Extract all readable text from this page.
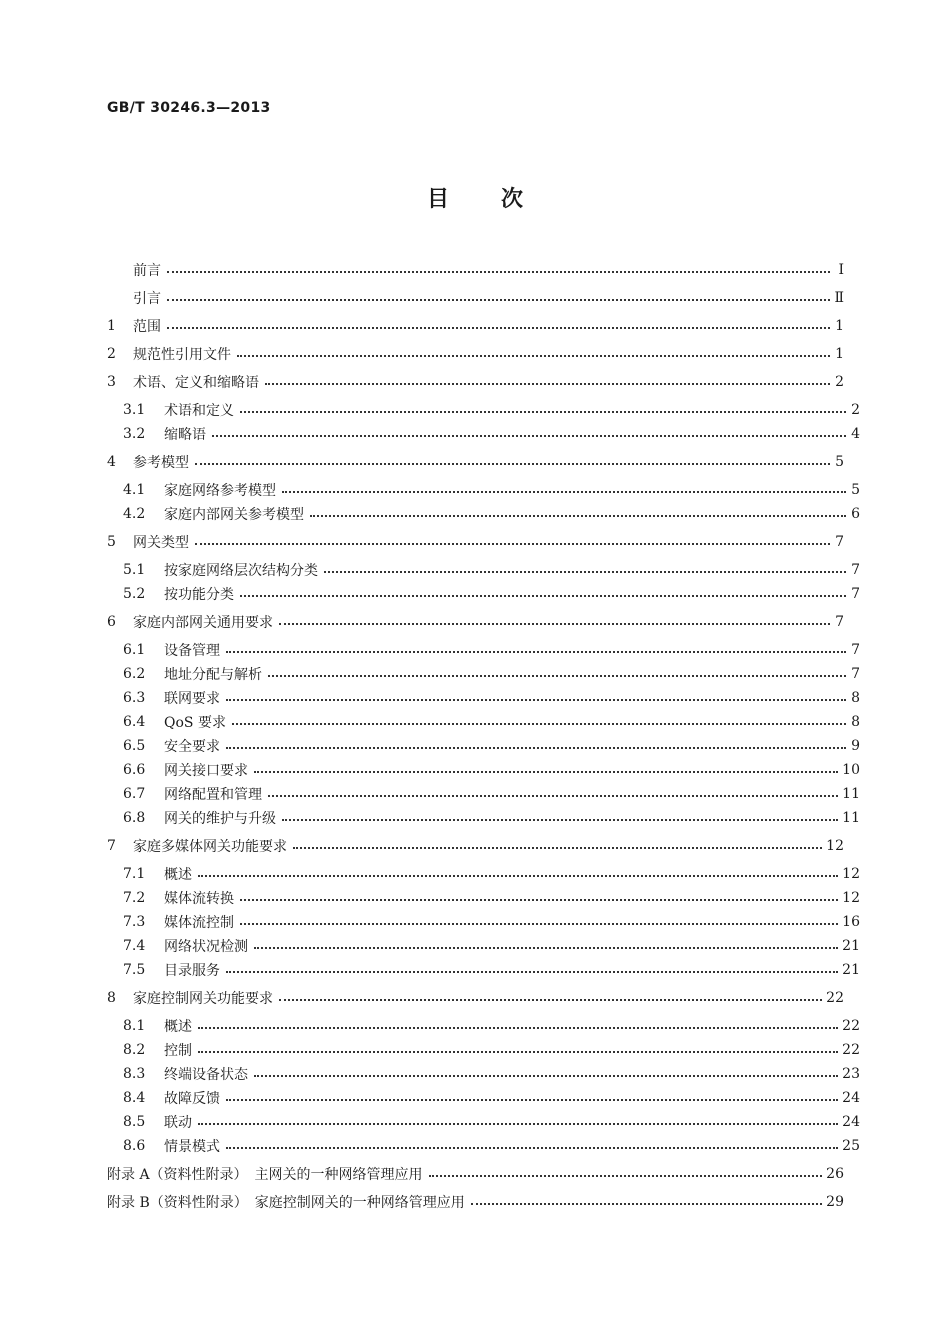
GB/T 30246.3—2013
目 次
前言	Ⅰ
引言	Ⅱ
1	范围	1
2	规范性引用文件	1
3	术语、定义和缩略语	2
3.1	术语和定义	2
3.2	缩略语	4
4	参考模型	5
4.1	家庭网络参考模型	5
4.2	家庭内部网关参考模型	6
5	网关类型	7
5.1	按家庭网络层次结构分类	7
5.2	按功能分类	7
6	家庭内部网关通用要求	7
6.1	设备管理	7
6.2	地址分配与解析	7
6.3	联网要求	8
6.4	QoS 要求	8
6.5	安全要求	9
6.6	网关接口要求	10
6.7	网络配置和管理	11
6.8	网关的维护与升级	11
7	家庭多媒体网关功能要求	12
7.1	概述	12
7.2	媒体流转换	12
7.3	媒体流控制	16
7.4	网络状况检测	21
7.5	目录服务	21
8	家庭控制网关功能要求	22
8.1	概述	22
8.2	控制	22
8.3	终端设备状态	23
8.4	故障反馈	24
8.5	联动	24
8.6	情景模式	25
附录 A（资料性附录）　主网关的一种网络管理应用	26
附录 B（资料性附录）　家庭控制网关的一种网络管理应用	29
